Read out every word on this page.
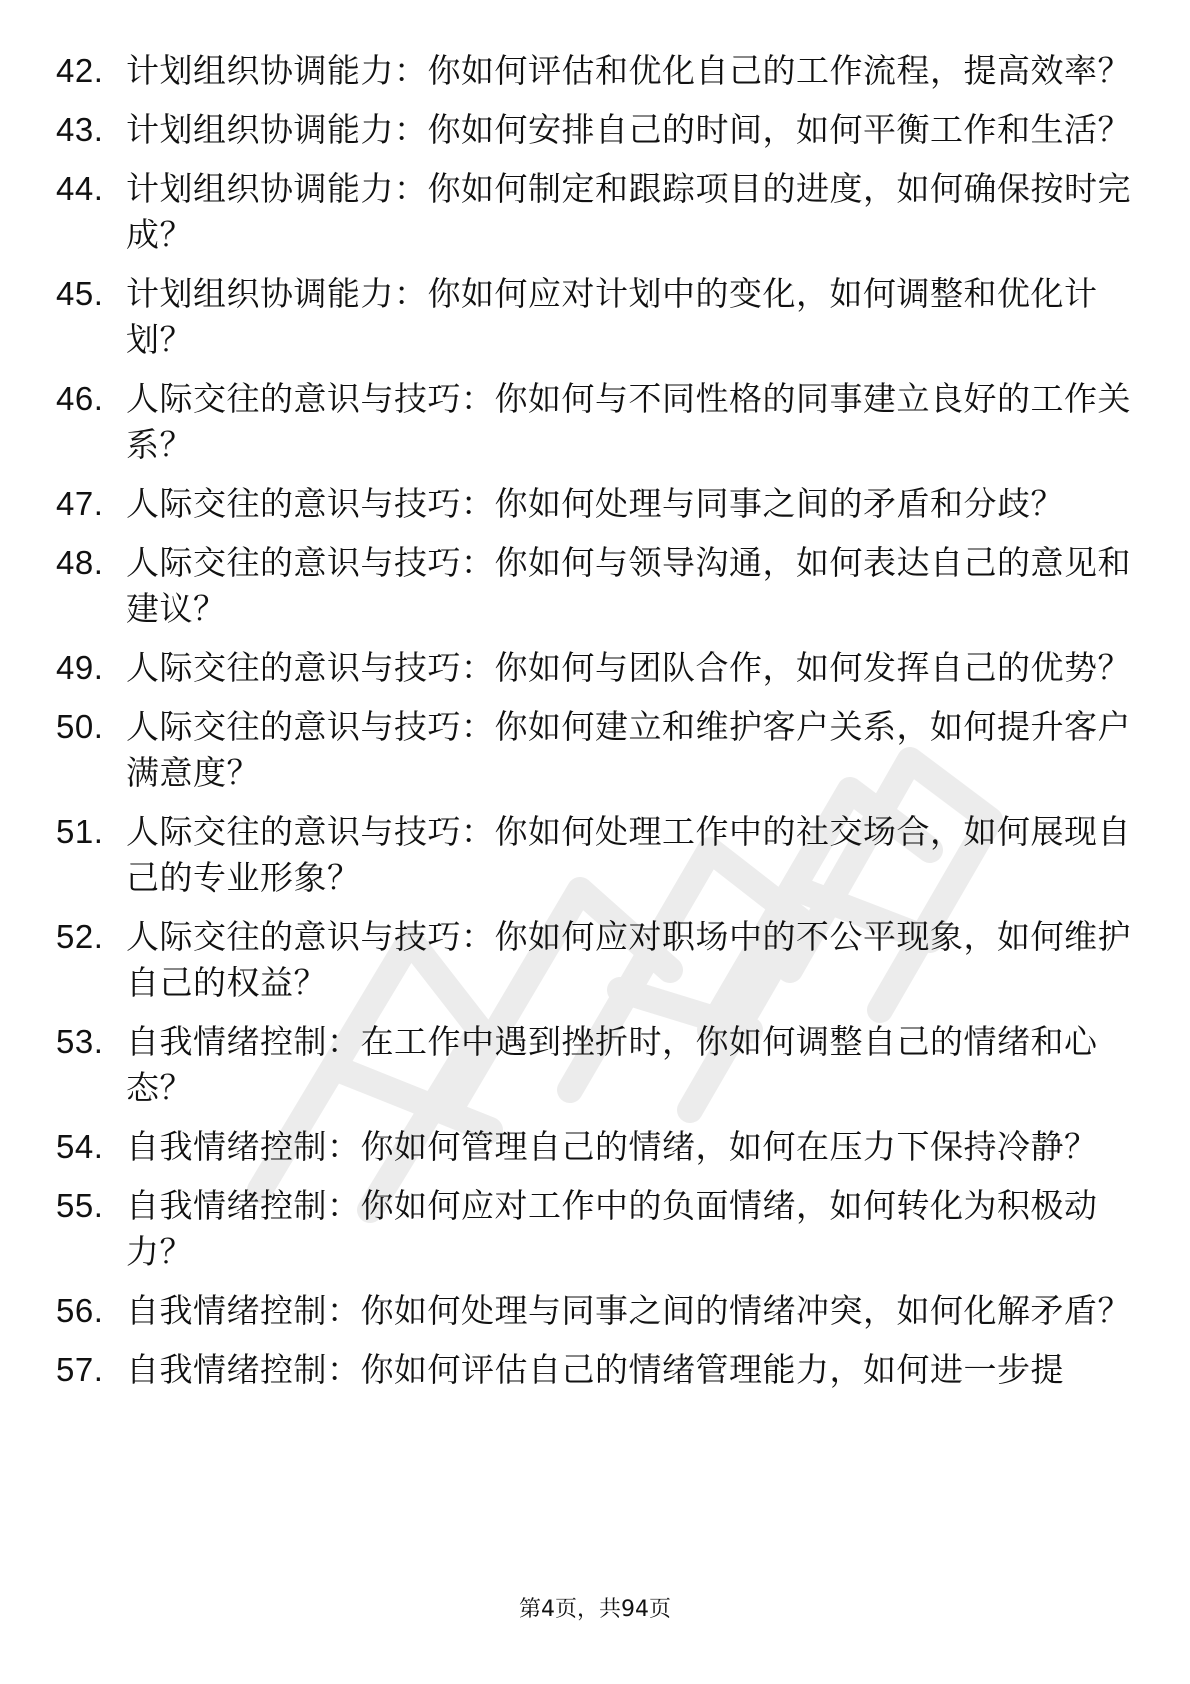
42. 计划组织协调能力：你如何评估和优化自己的工作流程，提高效率？
43. 计划组织协调能力：你如何安排自己的时间，如何平衡工作和生活？
44. 计划组织协调能力：你如何制定和跟踪项目的进度，如何确保按时完成？
45. 计划组织协调能力：你如何应对计划中的变化，如何调整和优化计划？
46. 人际交往的意识与技巧：你如何与不同性格的同事建立良好的工作关系？
47. 人际交往的意识与技巧：你如何处理与同事之间的矛盾和分歧？
48. 人际交往的意识与技巧：你如何与领导沟通，如何表达自己的意见和建议？
49. 人际交往的意识与技巧：你如何与团队合作，如何发挥自己的优势？
50. 人际交往的意识与技巧：你如何建立和维护客户关系，如何提升客户满意度？
51. 人际交往的意识与技巧：你如何处理工作中的社交场合，如何展现自己的专业形象？
52. 人际交往的意识与技巧：你如何应对职场中的不公平现象，如何维护自己的权益？
53. 自我情绪控制：在工作中遇到挫折时，你如何调整自己的情绪和心态？
54. 自我情绪控制：你如何管理自己的情绪，如何在压力下保持冷静？
55. 自我情绪控制：你如何应对工作中的负面情绪，如何转化为积极动力？
56. 自我情绪控制：你如何处理与同事之间的情绪冲突，如何化解矛盾？
57. 自我情绪控制：你如何评估自己的情绪管理能力，如何进一步提
第4页，共94页
